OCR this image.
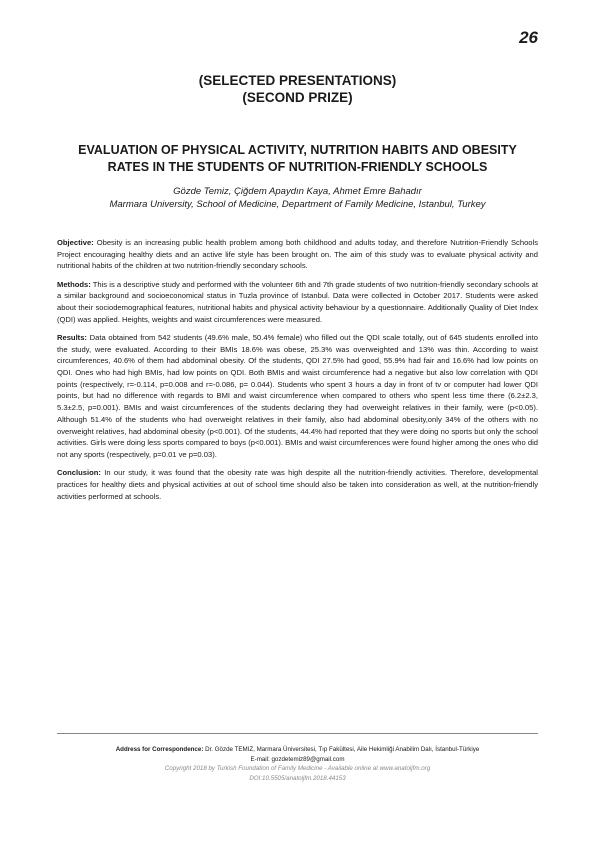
26
(SELECTED PRESENTATIONS)
(SECOND PRIZE)
EVALUATION OF PHYSICAL ACTIVITY, NUTRITION HABITS AND OBESITY
RATES IN THE STUDENTS OF NUTRITION-FRIENDLY SCHOOLS
Gözde Temiz, Çiğdem Apaydın Kaya, Ahmet Emre Bahadır
Marmara University, School of Medicine, Department of Family Medicine, Istanbul, Turkey

Objective: Obesity is an increasing public health problem among both childhood and adults today, and therefore Nutrition-Friendly Schools Project encouraging healthy diets and an active life style has been brought on. The aim of this study was to evaluate physical activity and nutritional habits of the children at two nutrition-friendly secondary schools.

Methods: This is a descriptive study and performed with the volunteer 6th and 7th grade students of two nutrition-friendly secondary schools at a similar background and socioeconomical status in Tuzla province of Istanbul. Data were collected in October 2017. Students were asked about their sociodemographical features, nutritional habits and physical activity behaviour by a questionnaire. Additionally Quality of Diet Index (QDI) was applied. Heights, weights and waist circumferences were measured.

Results: Data obtained from 542 students (49.6% male, 50.4% female) who filled out the QDI scale totally, out of 645 students enrolled into the study, were evaluated. According to their BMIs 18.6% was obese, 25.3% was overweighted and 13% was thin. According to waist circumferences, 40.6% of them had abdominal obesity. Of the students, QDI 27.5% had good, 55.9% had fair and 16.6% had low points on QDI. Ones who had high BMIs, had low points on QDI. Both BMIs and waist circumference had a negative but also low correlation with QDI points (respectively, r=-0.114, p=0.008 and r=-0.086, p= 0.044). Students who spent 3 hours a day in front of tv or computer had lower QDI points, but had no difference with regards to BMI and waist circumference when compared to others who spent less time there (6.2±2.3, 5.3±2.5, p=0.001). BMIs and waist circumferences of the students declaring they had overweight relatives in their family, were (p<0.05). Although 51.4% of the students who had overweight relatives in their family, also had abdominal obesity,only 34% of the others with no overweight relatives, had abdominal obesity (p<0.001). Of the students, 44.4% had reported that they were doing no sports but only the school activities. Girls were doing less sports compared to boys (p<0.001). BMIs and waist circumferences were found higher among the ones who did not any sports (respectively, p=0.01 ve p=0.03).

Conclusion: In our study, it was found that the obesity rate was high despite all the nutrition-friendly activities. Therefore, developmental practices for healthy diets and physical activities at out of school time should also be taken into consideration as well, at the nutrition-friendly activities performed at schools.

Address for Correspondence: Dr. Gözde TEMIZ, Marmara Üniversitesi, Tıp Fakültesi, Aile Hekimliği Anabilim Dalı, İstanbul-Türkiye
E-mail: gozdetemiz89@gmail.com
Copyright 2018 by Turkish Foundation of Family Medicine - Available online at www.anatoljfm.org
DOI:10.5505/anatoljfm.2018.44153
